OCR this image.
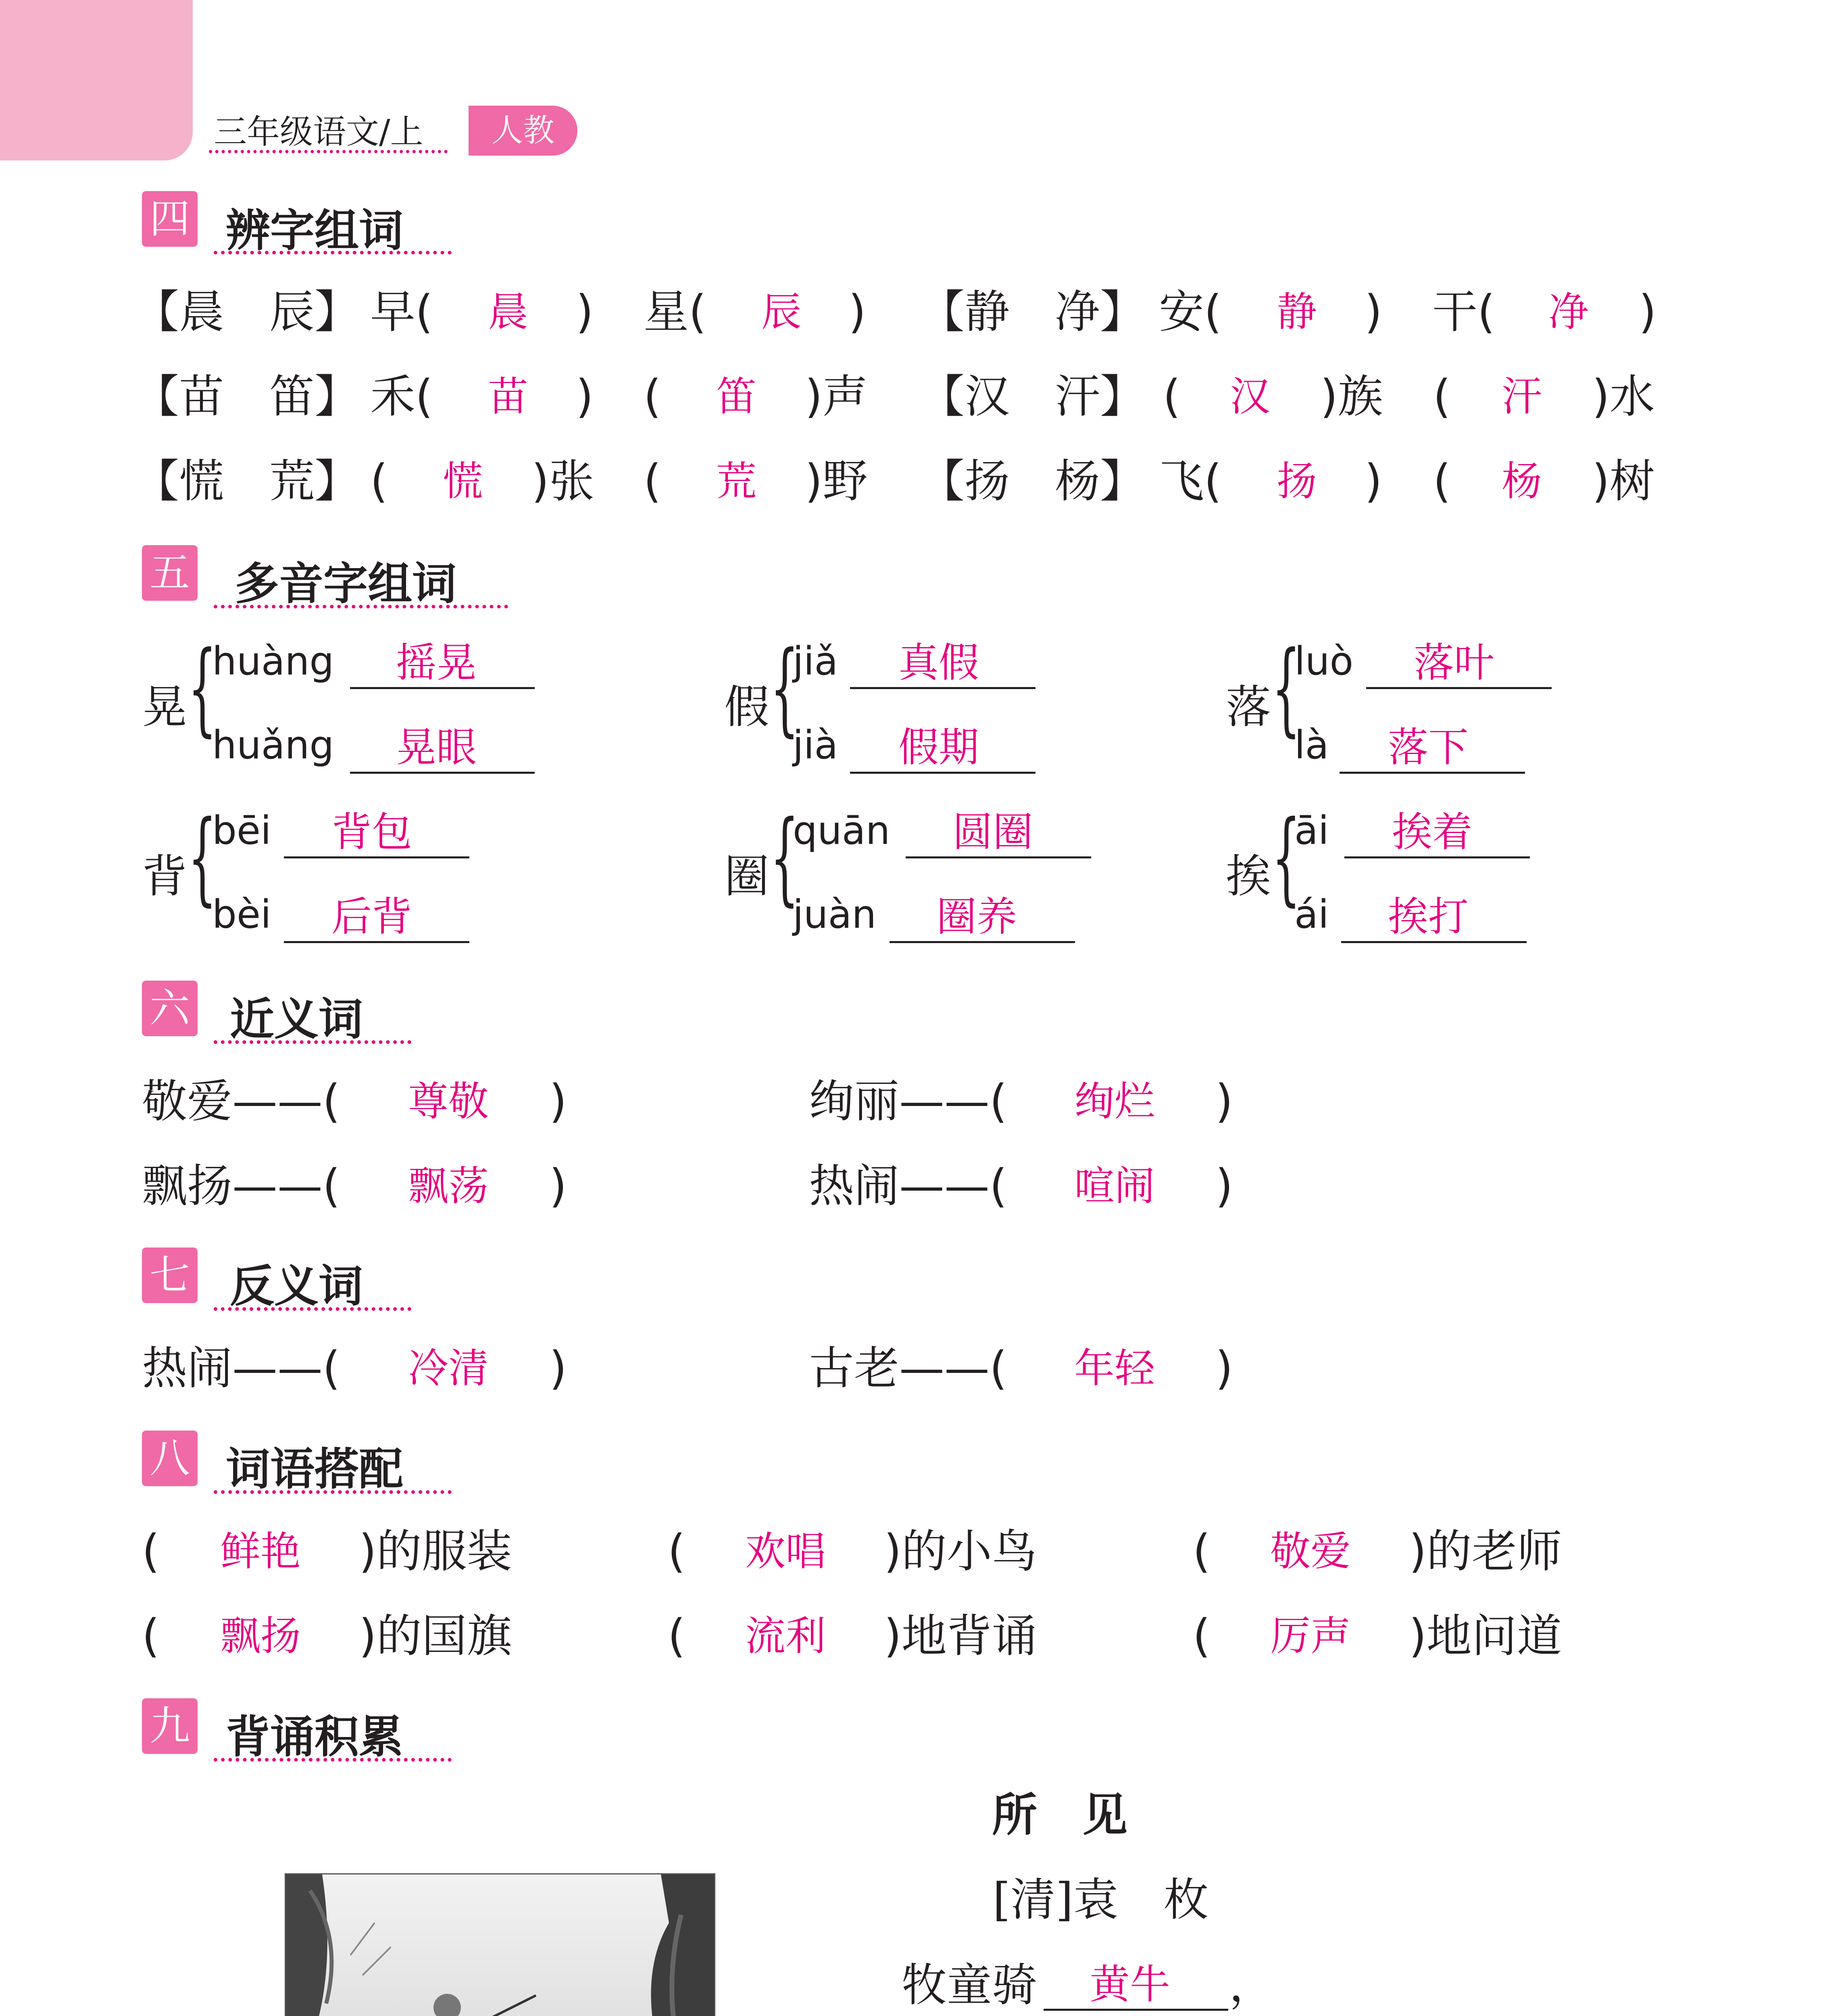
三年级语文/上	人教
四 辨字组词
【晨　辰】 早( 晨 ) 星( 辰 ) 【静　净】 安( 静 ) 干( 净 )
【苗　笛】 禾( 苗 ) ( 笛 )声 【汉　汗】 ( 汉 )族 ( 汗 )水
【慌　荒】 ( 慌 )张 ( 荒 )野 【扬　杨】 飞( 扬 ) ( 杨 )树
五 多音字组词
晃 {
huàng 摇晃
huǎng 晃眼
假 {
jiǎ 真假
jià 假期
落 {
luò 落叶
là 落下
背 {
bēi 背包
bèi 后背
圈 {
quān 圆圈
juàn 圈养
挨 {
āi 挨着
ái 挨打
六 近义词
敬爱——( 尊敬 )	绚丽——( 绚烂 )
飘扬——( 飘荡 )	热闹——( 喧闹 )
七 反义词
热闹——( 冷清 )	古老——( 年轻 )
八 词语搭配
( 鲜艳 )的服装	( 欢唱 )的小鸟	( 敬爱 )的老师
( 飘扬 )的国旗	( 流利 )地背诵	( 厉声 )地问道
九 背诵积累
所　见
[清]袁　枚
牧童骑 黄牛 ，
